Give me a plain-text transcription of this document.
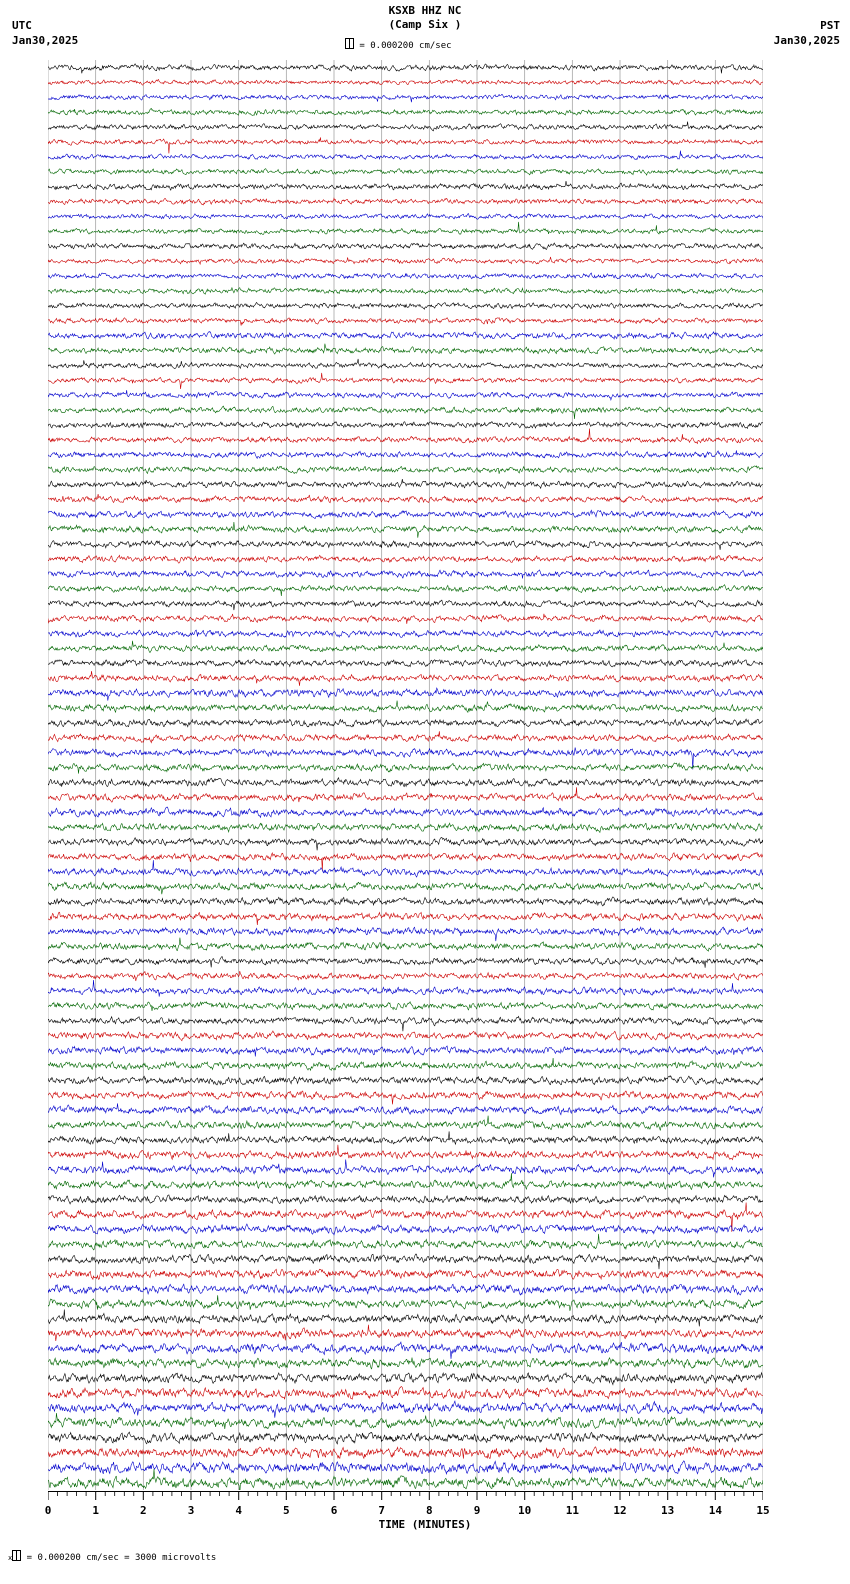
KSXB HHZ NC
(Camp Six )
UTC
Jan30,2025
PST
Jan30,2025
= 0.000200 cm/sec
0	1	2	3	4	5	6	7	8	9	10	11	12	13	14	15
TIME (MINUTES)
x = 0.000200 cm/sec = 3000 microvolts
